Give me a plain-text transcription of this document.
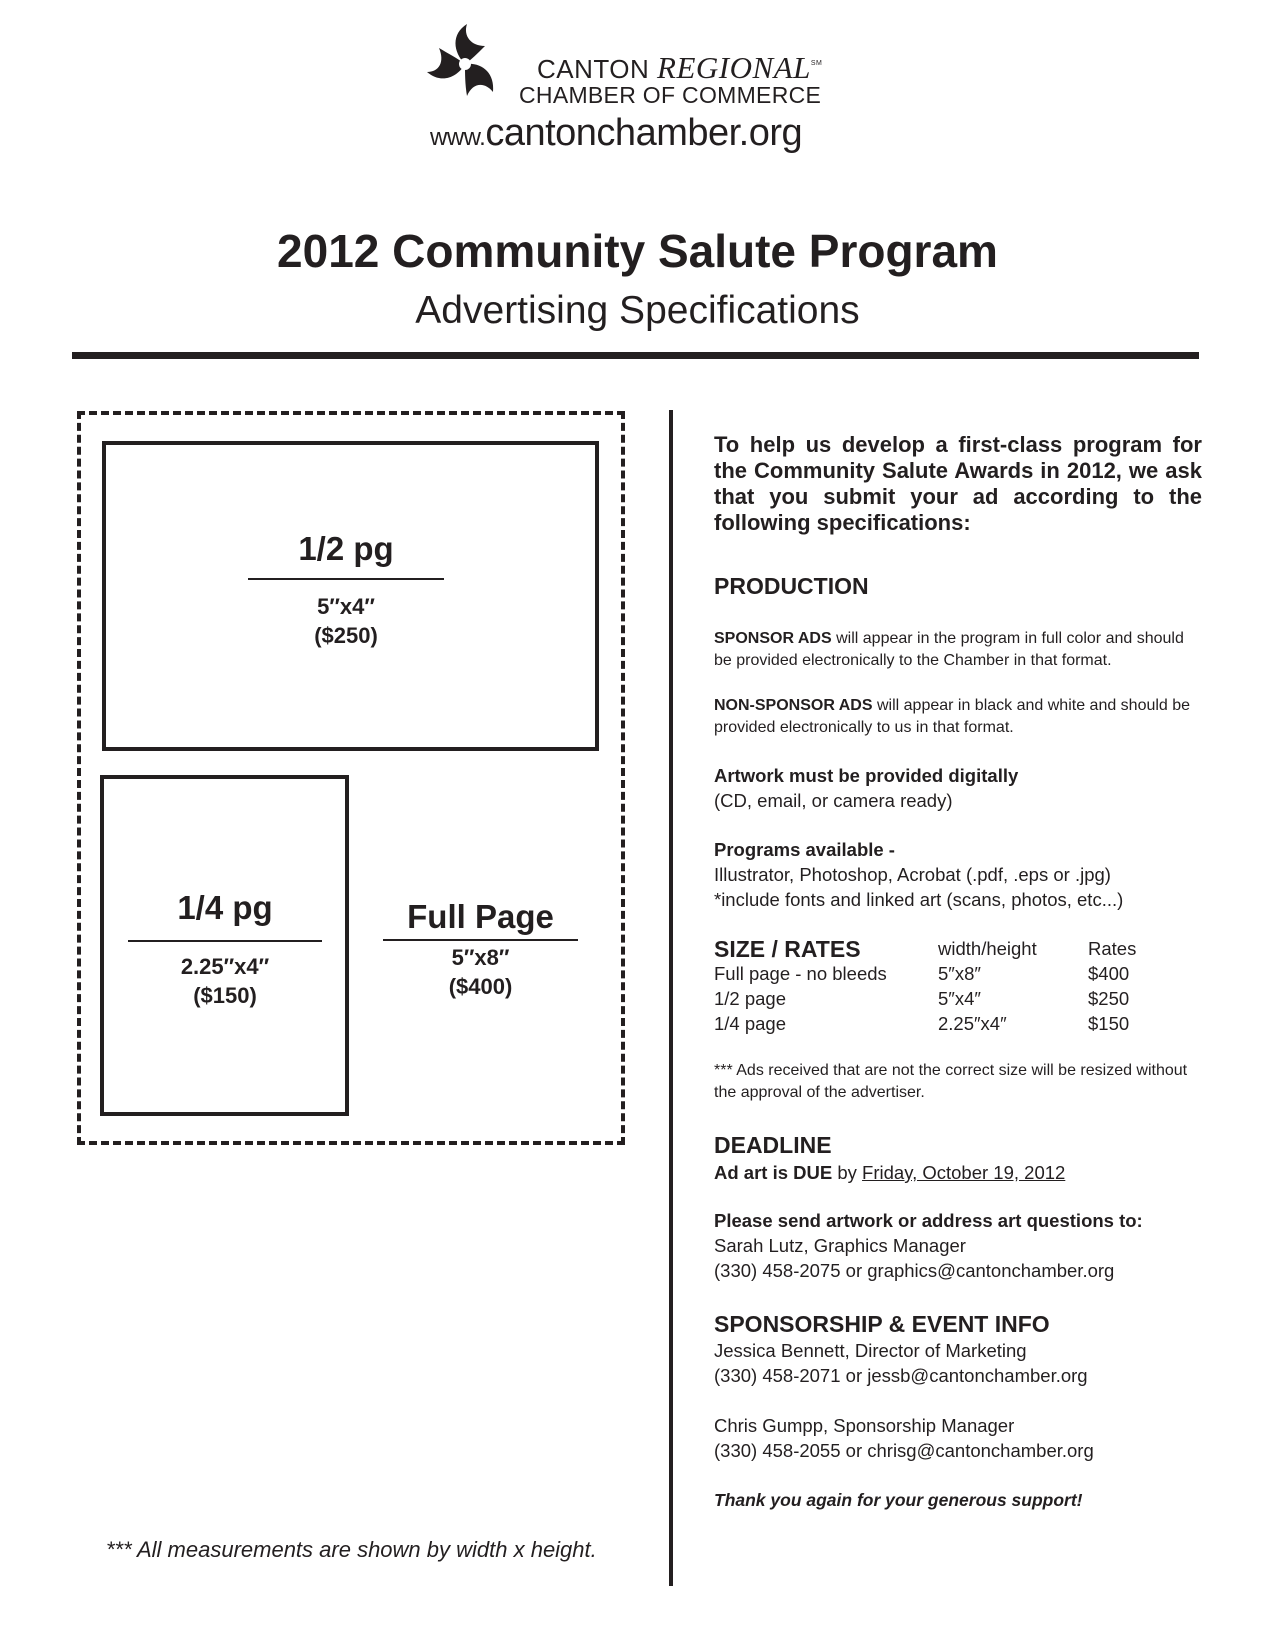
CANTON REGIONAL℠
CHAMBER OF COMMERCE
www.cantonchamber.org
2012 Community Salute Program
Advertising Specifications
1/2 pg
5″x4″
($250)
1/4 pg
2.25″x4″
($150)
Full Page
5″x8″
($400)
*** All measurements are shown by width x height.
To help us develop a first-class program for the Community Salute Awards in 2012, we ask that you submit your ad according to the following specifications:
PRODUCTION
SPONSOR ADS will appear in the program in full color and should be provided electronically to the Chamber in that format.
NON-SPONSOR ADS will appear in black and white and should be provided electronically to us in that format.
Artwork must be provided digitally
(CD, email, or camera ready)
Programs available -
Illustrator, Photoshop, Acrobat (.pdf, .eps or .jpg)
*include fonts and linked art (scans, photos, etc...)
SIZE / RATES	width/height	Rates
Full page - no bleeds	5″x8″	$400
1/2 page	5″x4″	$250
1/4 page	2.25″x4″	$150
*** Ads received that are not the correct size will be resized without the approval of the advertiser.
DEADLINE
Ad art is DUE by Friday, October 19, 2012
Please send artwork or address art questions to:
Sarah Lutz, Graphics Manager
(330) 458-2075 or graphics@cantonchamber.org
SPONSORSHIP & EVENT INFO
Jessica Bennett, Director of Marketing
(330) 458-2071 or jessb@cantonchamber.org
Chris Gumpp, Sponsorship Manager
(330) 458-2055 or chrisg@cantonchamber.org
Thank you again for your generous support!
